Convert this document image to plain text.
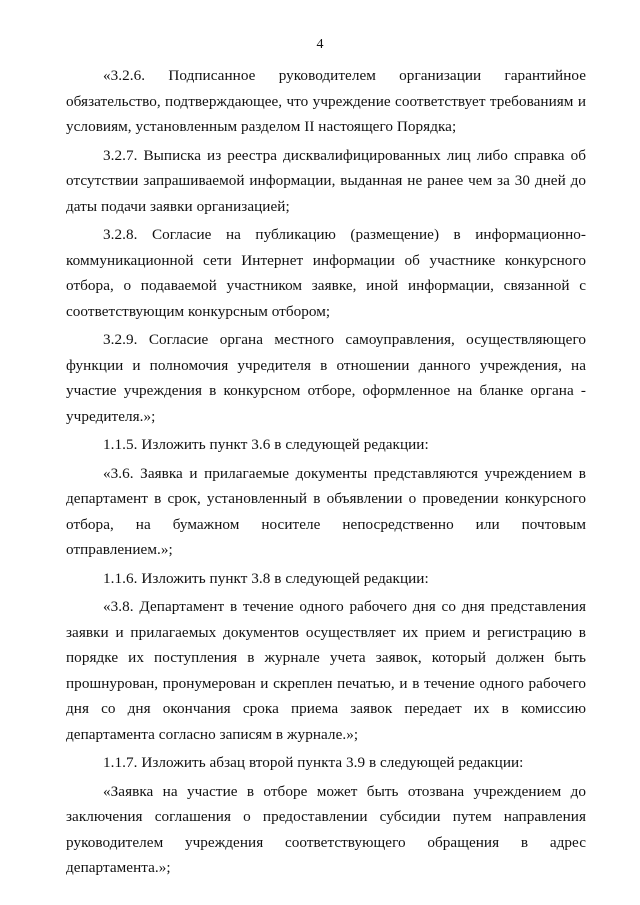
4

«3.2.6. Подписанное руководителем организации гарантийное обязательство, подтверждающее, что учреждение соответствует требованиям и условиям, установленным разделом II настоящего Порядка;

3.2.7. Выписка из реестра дисквалифицированных лиц либо справка об отсутствии запрашиваемой информации, выданная не ранее чем за 30 дней до даты подачи заявки организацией;

3.2.8. Согласие на публикацию (размещение) в информационно-коммуникационной сети Интернет информации об участнике конкурсного отбора, о подаваемой участником заявке, иной информации, связанной с соответствующим конкурсным отбором;

3.2.9. Согласие органа местного самоуправления, осуществляющего функции и полномочия учредителя в отношении данного учреждения, на участие учреждения в конкурсном отборе, оформленное на бланке органа - учредителя.»;

1.1.5. Изложить пункт 3.6 в следующей редакции:

«3.6. Заявка и прилагаемые документы представляются учреждением в департамент в срок, установленный в объявлении о проведении конкурсного отбора, на бумажном носителе непосредственно или почтовым отправлением.»;

1.1.6. Изложить пункт 3.8 в следующей редакции:

«3.8. Департамент в течение одного рабочего дня со дня представления заявки и прилагаемых документов осуществляет их прием и регистрацию в порядке их поступления в журнале учета заявок, который должен быть прошнурован, пронумерован и скреплен печатью, и в течение одного рабочего дня со дня окончания срока приема заявок передает их в комиссию департамента согласно записям в журнале.»;

1.1.7. Изложить абзац второй пункта 3.9 в следующей редакции:

«Заявка на участие в отборе может быть отозвана учреждением до заключения соглашения о предоставлении субсидии путем направления руководителем учреждения соответствующего обращения в адрес департамента.»;
